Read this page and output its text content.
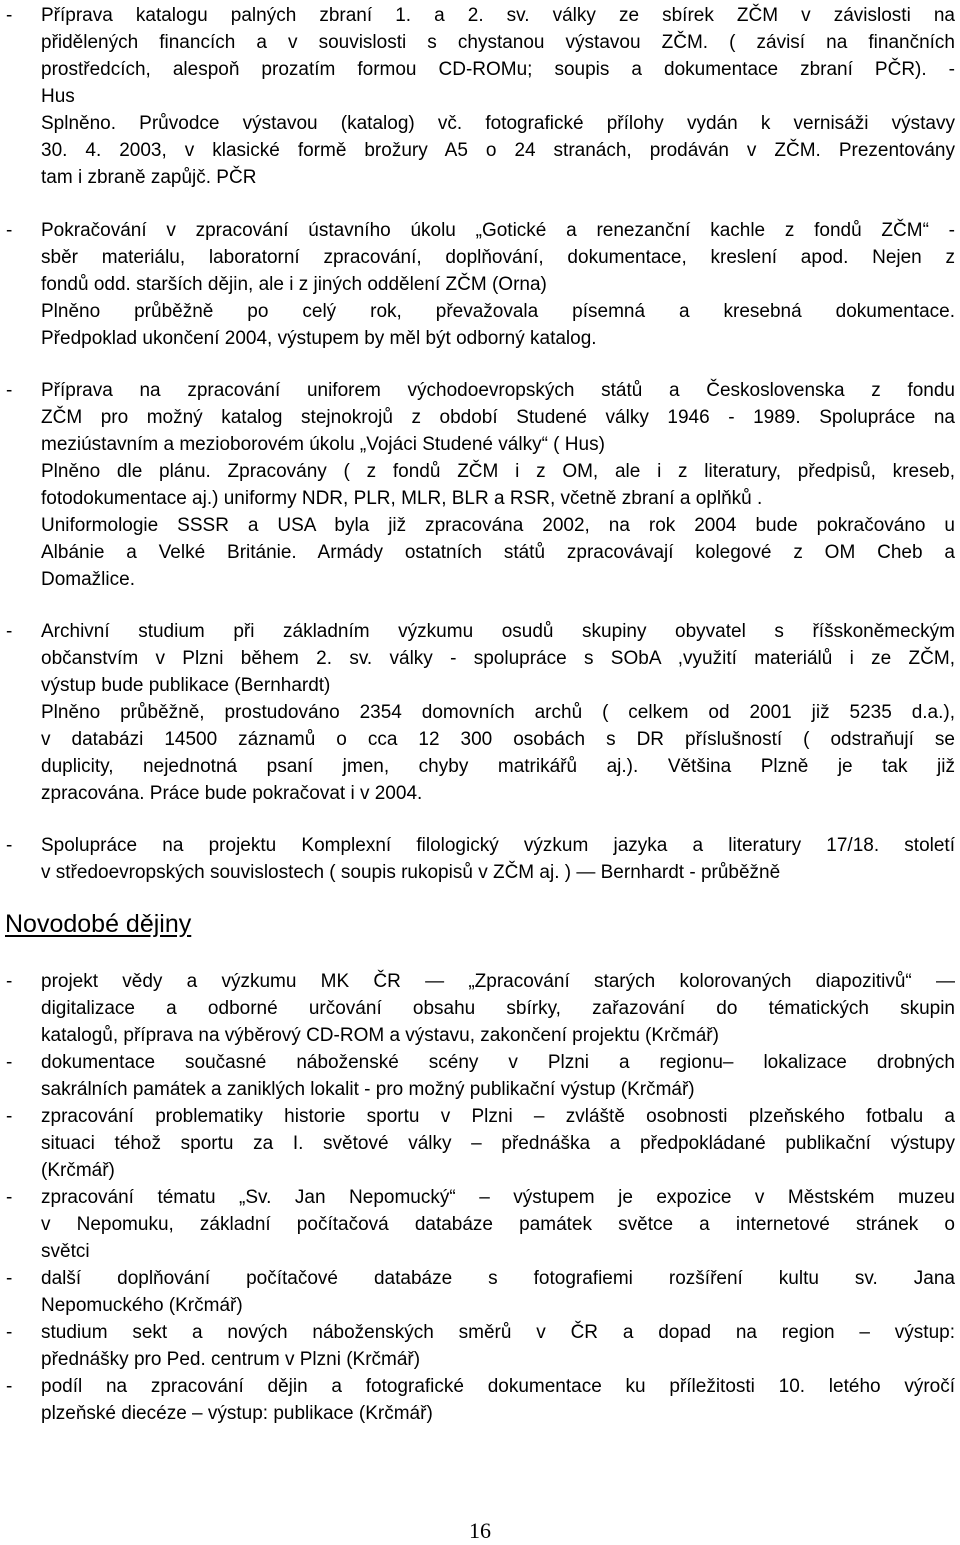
- Příprava katalogu palných zbraní 1. a 2. sv. války ze sbírek ZČM v závislosti na
přidělených financích a v souvislosti s chystanou výstavou ZČM. ( závisí na finančních
prostředcích, alespoň prozatím formou CD-ROMu; soupis a dokumentace zbraní PČR). -
Hus
Splněno. Průvodce výstavou (katalog) vč. fotografické přílohy vydán k vernisáži výstavy
30. 4. 2003, v klasické formě brožury A5 o 24 stranách, prodáván v ZČM. Prezentovány
tam i zbraně zapůjč. PČR
- Pokračování v zpracování ústavního úkolu „Gotické a renezanční kachle z fondů ZČM“ -
sběr materiálu, laboratorní zpracování, doplňování, dokumentace, kreslení apod. Nejen z
fondů odd. starších dějin, ale i z jiných oddělení ZČM (Orna)
Plněno průběžně po celý rok, převažovala písemná a kresebná dokumentace.
Předpoklad ukončení 2004, výstupem by měl být odborný katalog.
- Příprava na zpracování uniforem východoevropských států a Československa z fondu
ZČM pro možný katalog stejnokrojů z období Studené války 1946 - 1989. Spolupráce na
meziústavním a mezioborovém úkolu „Vojáci Studené války“ ( Hus)
Plněno dle plánu. Zpracovány ( z fondů ZČM i z OM, ale i z literatury, předpisů, kreseb,
fotodokumentace aj.) uniformy NDR, PLR, MLR, BLR a RSR, včetně zbraní a oplňků .
Uniformologie SSSR a USA byla již zpracována 2002, na rok 2004 bude pokračováno u
Albánie a Velké Británie. Armády ostatních států zpracovávají kolegové z OM Cheb a
Domažlice.
- Archivní studium při základním výzkumu osudů skupiny obyvatel s říšskoněmeckým
občanstvím v Plzni během 2. sv. války - spolupráce s SObA ,využití materiálů i ze ZČM,
výstup bude publikace (Bernhardt)
Plněno průběžně, prostudováno 2354 domovních archů ( celkem od 2001 již 5235 d.a.),
v databázi 14500 záznamů o cca 12 300 osobách s DR příslušností ( odstraňují se
duplicity, nejednotná psaní jmen, chyby matrikářů aj.). Většina Plzně je tak již
zpracována. Práce bude pokračovat i v 2004.
- Spolupráce na projektu Komplexní filologický výzkum jazyka a literatury 17/18. století
v středoevropských souvislostech ( soupis rukopisů v ZČM aj. ) — Bernhardt - průběžně
Novodobé dějiny
- projekt vědy a výzkumu MK ČR — „Zpracování starých kolorovaných diapozitivů“ —
digitalizace a odborné určování obsahu sbírky, zařazování do tématických skupin
katalogů, příprava na výběrový CD-ROM a výstavu, zakončení projektu (Krčmář)
- dokumentace současné náboženské scény v Plzni a regionu– lokalizace drobných
sakrálních památek a zaniklých lokalit - pro možný publikační výstup (Krčmář)
- zpracování problematiky historie sportu v Plzni – zvláště osobnosti plzeňského fotbalu a
situaci téhož sportu za I. světové války – přednáška a předpokládané publikační výstupy
(Krčmář)
- zpracování tématu „Sv. Jan Nepomucký“ – výstupem je expozice v Městském muzeu
v Nepomuku, základní počítačová databáze památek světce a internetové stránek o
světci
- další doplňování počítačové databáze s fotografiemi rozšíření kultu sv. Jana
Nepomuckého (Krčmář)
- studium sekt a nových náboženských směrů v ČR a dopad na region – výstup:
přednášky pro Ped. centrum v Plzni (Krčmář)
- podíl na zpracování dějin a fotografické dokumentace ku příležitosti 10. letého výročí
plzeňské diecéze – výstup: publikace (Krčmář)
16
